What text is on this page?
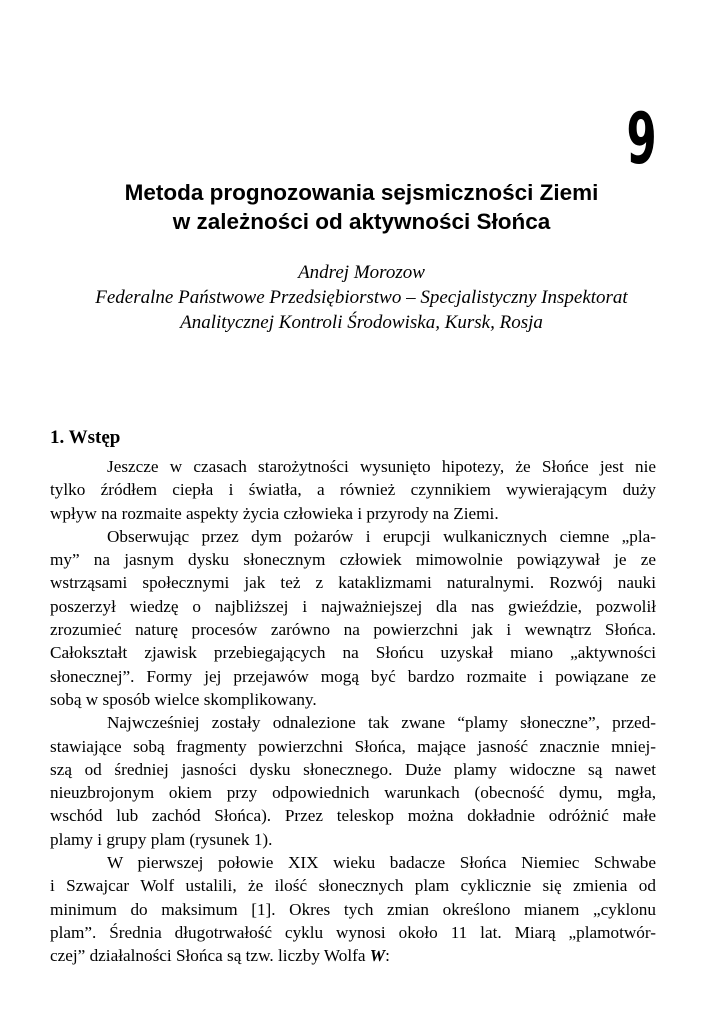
9
Metoda prognozowania sejsmiczności Ziemi
w zależności od aktywności Słońca
Andrej Morozow
Federalne Państwowe Przedsiębiorstwo – Specjalistyczny Inspektorat
Analitycznej Kontroli Środowiska, Kursk, Rosja
1. Wstęp

Jeszcze w czasach starożytności wysunięto hipotezy, że Słońce jest nie
tylko źródłem ciepła i światła, a również czynnikiem wywierającym duży
wpływ na rozmaite aspekty życia człowieka i przyrody na Ziemi.

Obserwując przez dym pożarów i erupcji wulkanicznych ciemne „pla-
my” na jasnym dysku słonecznym człowiek mimowolnie powiązywał je ze
wstrząsami społecznymi jak też z kataklizmami naturalnymi. Rozwój nauki
poszerzył wiedzę o najbliższej i najważniejszej dla nas gwieździe, pozwolił
zrozumieć naturę procesów zarówno na powierzchni jak i wewnątrz Słońca.
Całokształt zjawisk przebiegających na Słońcu uzyskał miano „aktywności
słonecznej”. Formy jej przejawów mogą być bardzo rozmaite i powiązane ze
sobą w sposób wielce skomplikowany.

Najwcześniej zostały odnalezione tak zwane “plamy słoneczne”, przed-
stawiające sobą fragmenty powierzchni Słońca, mające jasność znacznie mniej-
szą od średniej jasności dysku słonecznego. Duże plamy widoczne są nawet
nieuzbrojonym okiem przy odpowiednich warunkach (obecność dymu, mgła,
wschód lub zachód Słońca). Przez teleskop można dokładnie odróżnić małe
plamy i grupy plam (rysunek 1).

W pierwszej połowie XIX wieku badacze Słońca Niemiec Schwabe
i Szwajcar Wolf ustalili, że ilość słonecznych plam cyklicznie się zmienia od
minimum do maksimum [1]. Okres tych zmian określono mianem „cyklonu
plam”. Średnia długotrwałość cyklu wynosi około 11 lat. Miarą „plamotwór-
czej” działalności Słońca są tzw. liczby Wolfa W:
